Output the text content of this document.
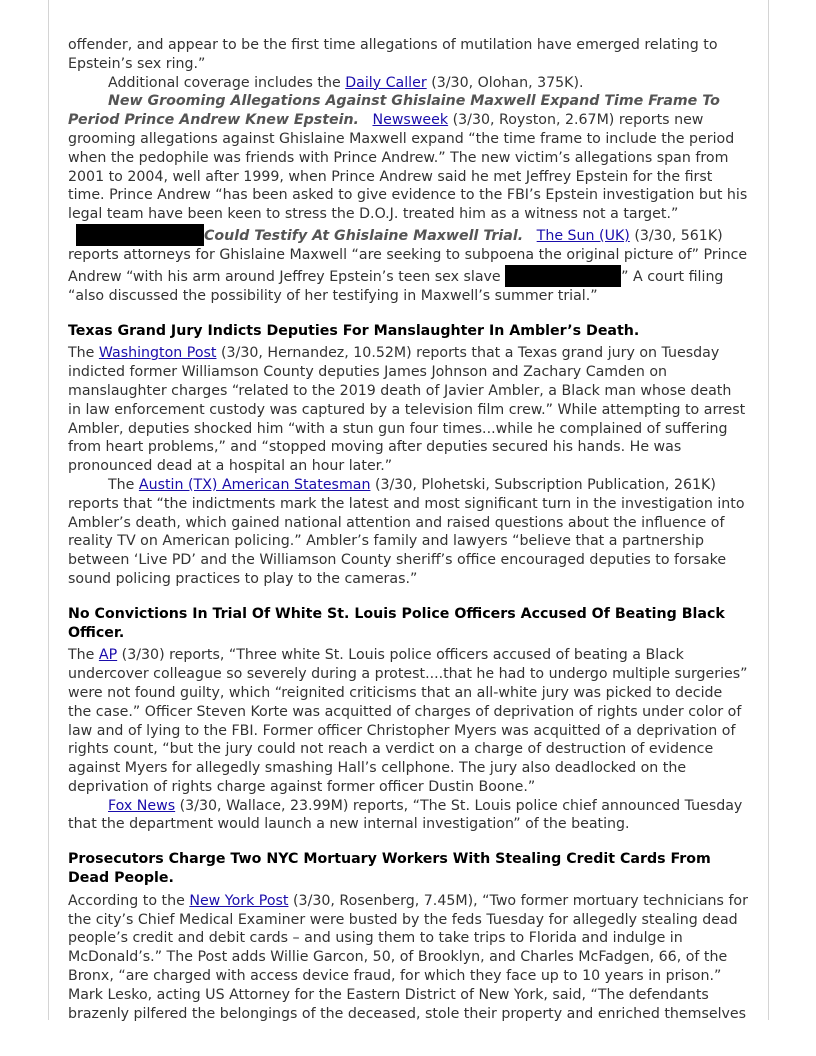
offender, and appear to be the first time allegations of mutilation have emerged relating to Epstein’s sex ring.”

Additional coverage includes the Daily Caller (3/30, Olohan, 375K).

New Grooming Allegations Against Ghislaine Maxwell Expand Time Frame To Period Prince Andrew Knew Epstein. Newsweek (3/30, Royston, 2.67M) reports new grooming allegations against Ghislaine Maxwell expand “the time frame to include the period when the pedophile was friends with Prince Andrew.” The new victim’s allegations span from 2001 to 2004, well after 1999, when Prince Andrew said he met Jeffrey Epstein for the first time. Prince Andrew “has been asked to give evidence to the FBI’s Epstein investigation but his legal team have been keen to stress the D.O.J. treated him as a witness not a target.”

Could Testify At Ghislaine Maxwell Trial. The Sun (UK) (3/30, 561K) reports attorneys for Ghislaine Maxwell “are seeking to subpoena the original picture of” Prince Andrew “with his arm around Jeffrey Epstein’s teen sex slave	” A court filing “also discussed the possibility of her testifying in Maxwell’s summer trial.”

Texas Grand Jury Indicts Deputies For Manslaughter In Ambler’s Death.

The Washington Post (3/30, Hernandez, 10.52M) reports that a Texas grand jury on Tuesday indicted former Williamson County deputies James Johnson and Zachary Camden on manslaughter charges “related to the 2019 death of Javier Ambler, a Black man whose death in law enforcement custody was captured by a television film crew.” While attempting to arrest Ambler, deputies shocked him “with a stun gun four times...while he complained of suffering from heart problems,” and “stopped moving after deputies secured his hands. He was pronounced dead at a hospital an hour later.”

The Austin (TX) American Statesman (3/30, Plohetski, Subscription Publication, 261K) reports that “the indictments mark the latest and most significant turn in the investigation into Ambler’s death, which gained national attention and raised questions about the influence of reality TV on American policing.” Ambler’s family and lawyers “believe that a partnership between ‘Live PD’ and the Williamson County sheriff’s office encouraged deputies to forsake sound policing practices to play to the cameras.”

No Convictions In Trial Of White St. Louis Police Officers Accused Of Beating Black Officer.

The AP (3/30) reports, “Three white St. Louis police officers accused of beating a Black undercover colleague so severely during a protest....that he had to undergo multiple surgeries” were not found guilty, which “reignited criticisms that an all-white jury was picked to decide the case.” Officer Steven Korte was acquitted of charges of deprivation of rights under color of law and of lying to the FBI. Former officer Christopher Myers was acquitted of a deprivation of rights count, “but the jury could not reach a verdict on a charge of destruction of evidence against Myers for allegedly smashing Hall’s cellphone. The jury also deadlocked on the deprivation of rights charge against former officer Dustin Boone.”

Fox News (3/30, Wallace, 23.99M) reports, “The St. Louis police chief announced Tuesday that the department would launch a new internal investigation” of the beating.

Prosecutors Charge Two NYC Mortuary Workers With Stealing Credit Cards From Dead People.

According to the New York Post (3/30, Rosenberg, 7.45M), “Two former mortuary technicians for the city’s Chief Medical Examiner were busted by the feds Tuesday for allegedly stealing dead people’s credit and debit cards – and using them to take trips to Florida and indulge in McDonald’s.” The Post adds Willie Garcon, 50, of Brooklyn, and Charles McFadgen, 66, of the Bronx, “are charged with access device fraud, for which they face up to 10 years in prison.” Mark Lesko, acting US Attorney for the Eastern District of New York, said, “The defendants brazenly pilfered the belongings of the deceased, stole their property and enriched themselves
